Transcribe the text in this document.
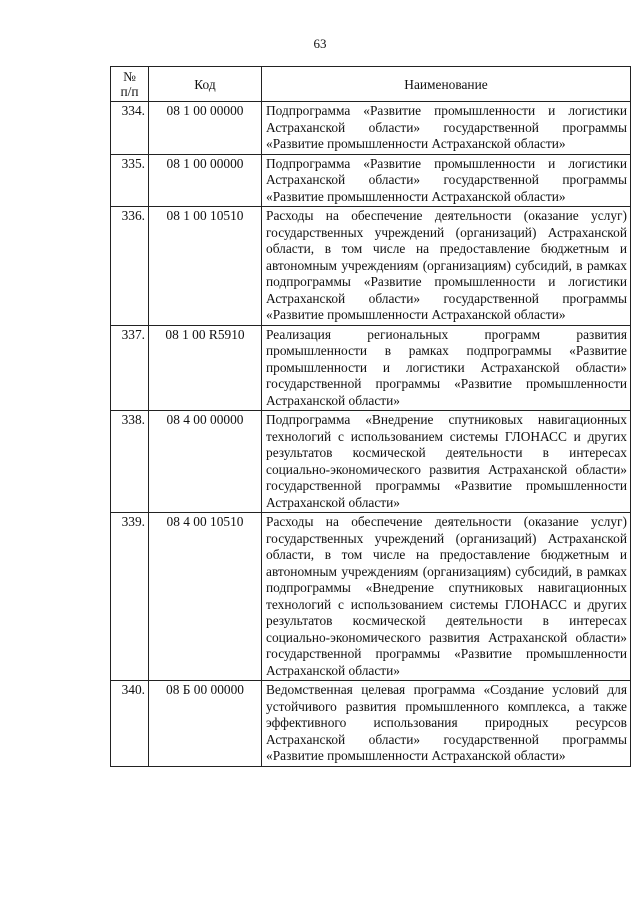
63
№
п/п	Код	Наименование
334.	08 1 00 00000	Подпрограмма «Развитие промышленности и логистики Астраханской области» государственной программы «Развитие промышленности Астраханской области»
335.	08 1 00 00000	Подпрограмма «Развитие промышленности и логистики Астраханской области» государственной программы «Развитие промышленности Астраханской области»
336.	08 1 00 10510	Расходы на обеспечение деятельности (оказание услуг) государственных учреждений (организаций) Астраханской области, в том числе на предоставление бюджетным и автономным учреждениям (организациям) субсидий, в рамках подпрограммы «Развитие промышленности и логистики Астраханской области» государственной программы «Развитие промышленности Астраханской области»
337.	08 1 00 R5910	Реализация региональных программ развития промышленности в рамках подпрограммы «Развитие промышленности и логистики Астраханской области» государственной программы «Развитие промышленности Астраханской области»
338.	08 4 00 00000	Подпрограмма «Внедрение спутниковых навигационных технологий с использованием системы ГЛОНАСС и других результатов космической деятельности в интересах социально-экономического развития Астраханской области» государственной программы «Развитие промышленности Астраханской области»
339.	08 4 00 10510	Расходы на обеспечение деятельности (оказание услуг) государственных учреждений (организаций) Астраханской области, в том числе на предоставление бюджетным и автономным учреждениям (организациям) субсидий, в рамках подпрограммы «Внедрение спутниковых навигационных технологий с использованием системы ГЛОНАСС и других результатов космической деятельности в интересах социально-экономического развития Астраханской области» государственной программы «Развитие промышленности Астраханской области»
340.	08 Б 00 00000	Ведомственная целевая программа «Создание условий для устойчивого развития промышленного комплекса, а также эффективного использования природных ресурсов Астраханской области» государственной программы «Развитие промышленности Астраханской области»
